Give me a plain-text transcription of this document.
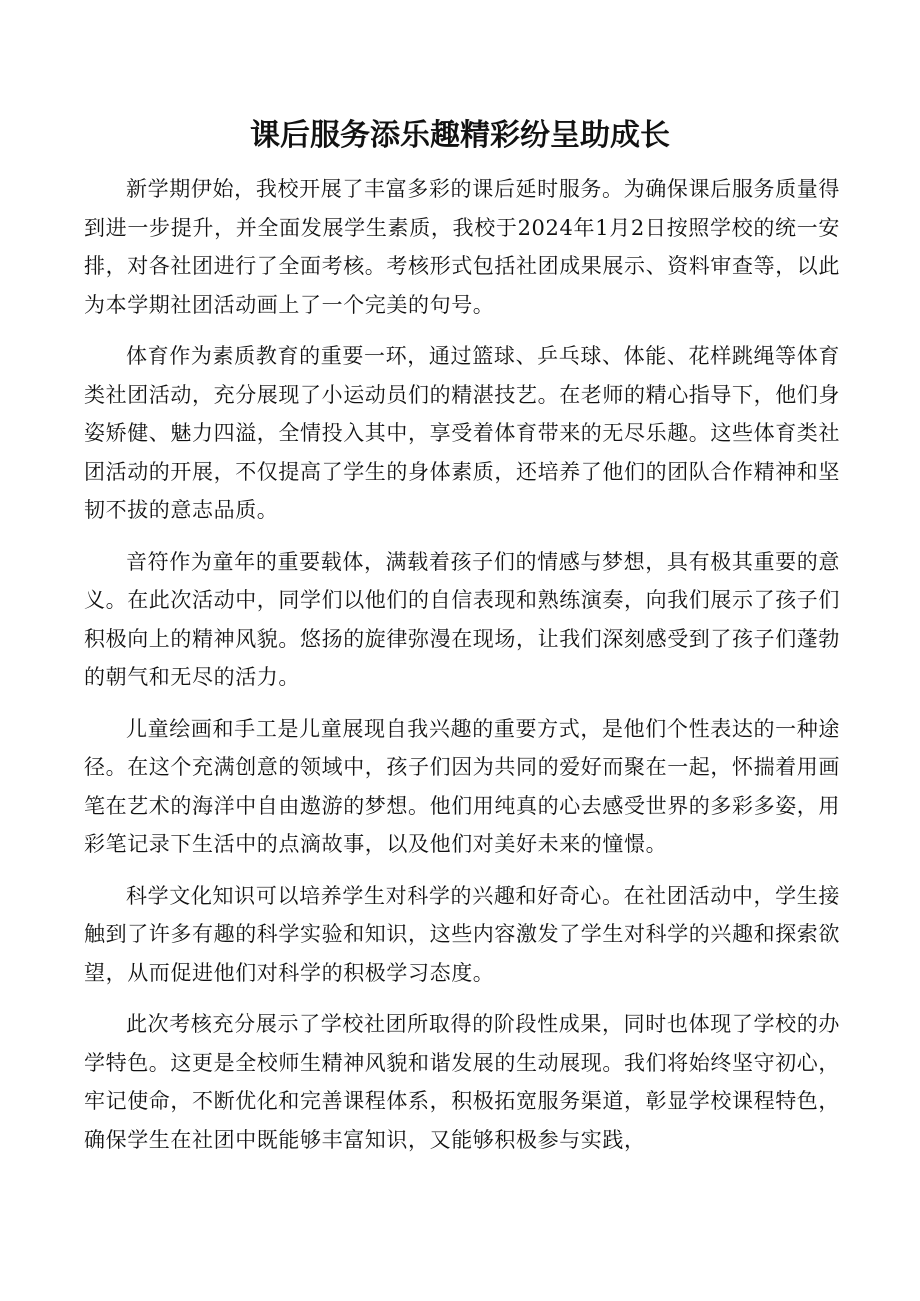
课后服务添乐趣精彩纷呈助成长

新学期伊始，我校开展了丰富多彩的课后延时服务。为确保课后服务质量得到进一步提升，并全面发展学生素质，我校于2024年1月2日按照学校的统一安排，对各社团进行了全面考核。考核形式包括社团成果展示、资料审查等，以此为本学期社团活动画上了一个完美的句号。

体育作为素质教育的重要一环，通过篮球、乒乓球、体能、花样跳绳等体育类社团活动，充分展现了小运动员们的精湛技艺。在老师的精心指导下，他们身姿矫健、魅力四溢，全情投入其中，享受着体育带来的无尽乐趣。这些体育类社团活动的开展，不仅提高了学生的身体素质，还培养了他们的团队合作精神和坚韧不拔的意志品质。

音符作为童年的重要载体，满载着孩子们的情感与梦想，具有极其重要的意义。在此次活动中，同学们以他们的自信表现和熟练演奏，向我们展示了孩子们积极向上的精神风貌。悠扬的旋律弥漫在现场，让我们深刻感受到了孩子们蓬勃的朝气和无尽的活力。

儿童绘画和手工是儿童展现自我兴趣的重要方式，是他们个性表达的一种途径。在这个充满创意的领域中，孩子们因为共同的爱好而聚在一起，怀揣着用画笔在艺术的海洋中自由遨游的梦想。他们用纯真的心去感受世界的多彩多姿，用彩笔记录下生活中的点滴故事，以及他们对美好未来的憧憬。

科学文化知识可以培养学生对科学的兴趣和好奇心。在社团活动中，学生接触到了许多有趣的科学实验和知识，这些内容激发了学生对科学的兴趣和探索欲望，从而促进他们对科学的积极学习态度。

此次考核充分展示了学校社团所取得的阶段性成果，同时也体现了学校的办学特色。这更是全校师生精神风貌和谐发展的生动展现。我们将始终坚守初心，牢记使命，不断优化和完善课程体系，积极拓宽服务渠道，彰显学校课程特色，确保学生在社团中既能够丰富知识，又能够积极参与实践，
